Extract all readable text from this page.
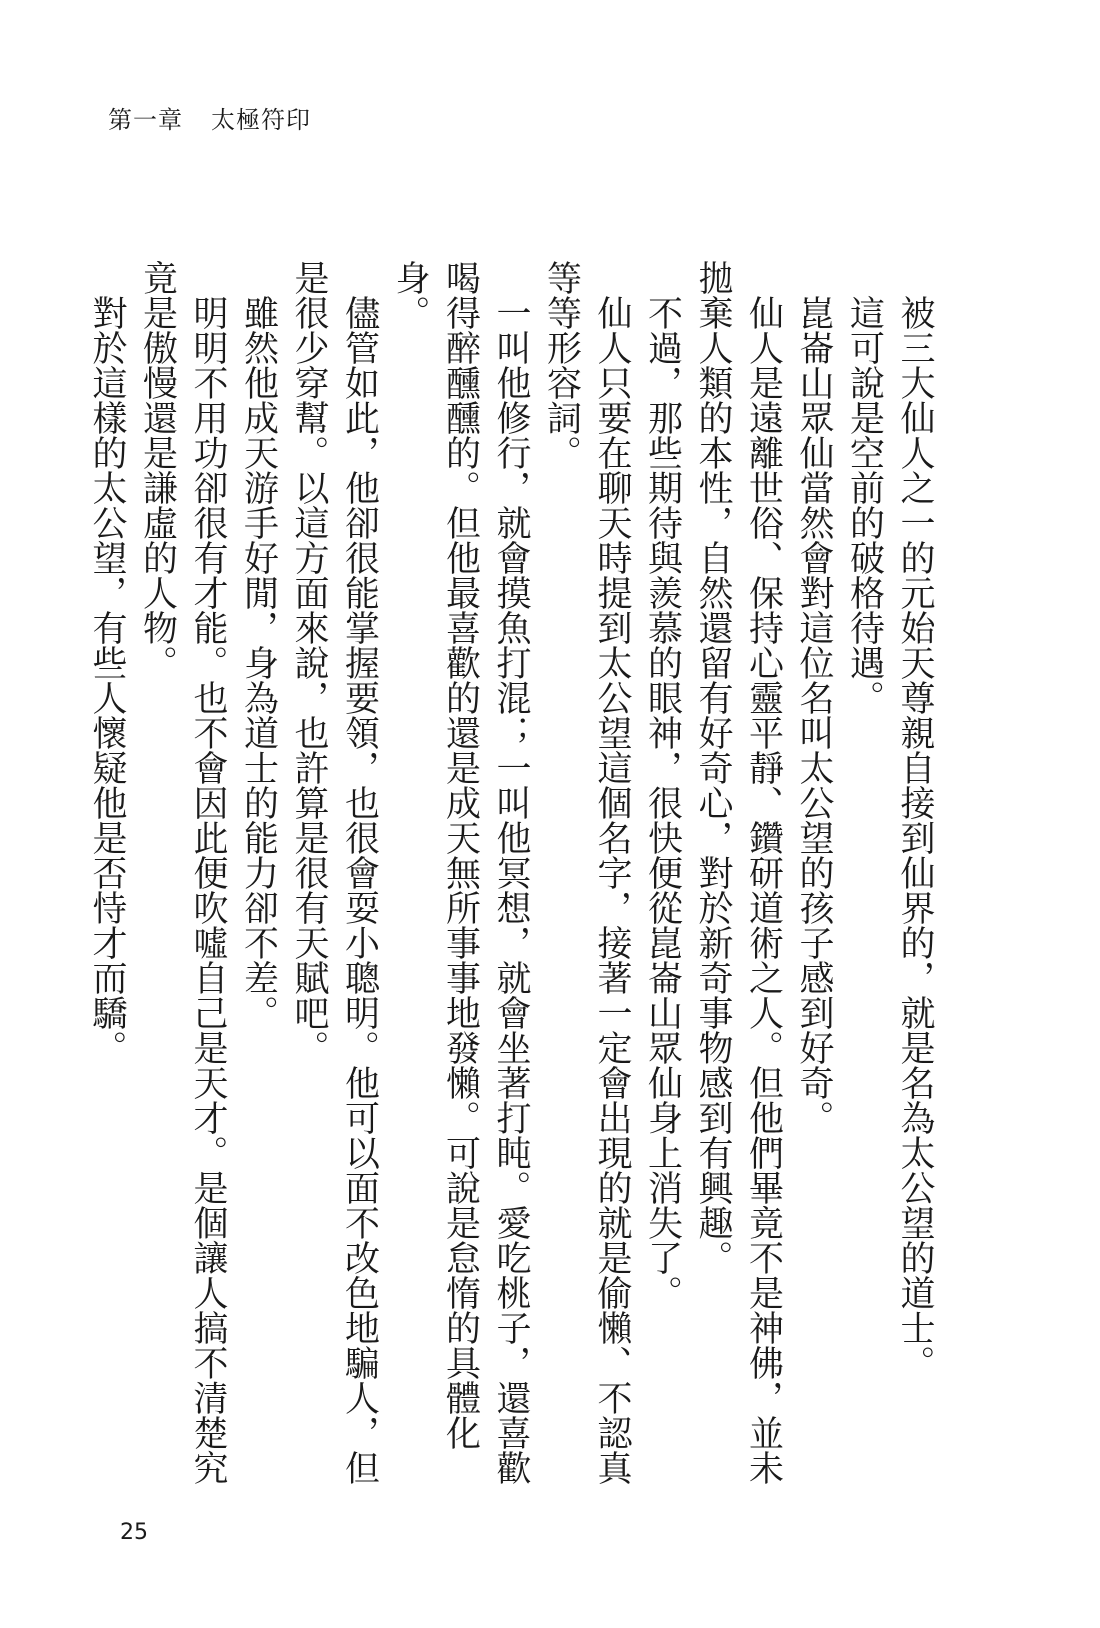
第一章 太極符印

被三大仙人之一的元始天尊親自接到仙界的，就是名為太公望的道士。

這可說是空前的破格待遇。

崑崙山眾仙當然會對這位名叫太公望的孩子感到好奇。

仙人是遠離世俗、保持心靈平靜、鑽研道術之人。但他們畢竟不是神佛，並未拋棄人類的本性，自然還留有好奇心，對於新奇事物感到有興趣。

不過，那些期待與羨慕的眼神，很快便從崑崙山眾仙身上消失了。

仙人只要在聊天時提到太公望這個名字，接著一定會出現的就是偷懶、不認真等等形容詞。

一叫他修行，就會摸魚打混；一叫他冥想，就會坐著打盹。愛吃桃子，還喜歡喝得醉醺醺的。但他最喜歡的還是成天無所事事地發懶。可說是怠惰的具體化身。

儘管如此，他卻很能掌握要領，也很會耍小聰明。他可以面不改色地騙人，但是很少穿幫。以這方面來說，也許算是很有天賦吧。

雖然他成天游手好閒，身為道士的能力卻不差。

明明不用功卻很有才能。也不會因此便吹噓自己是天才。是個讓人搞不清楚究竟是傲慢還是謙虛的人物。

對於這樣的太公望，有些人懷疑他是否恃才而驕。

25
